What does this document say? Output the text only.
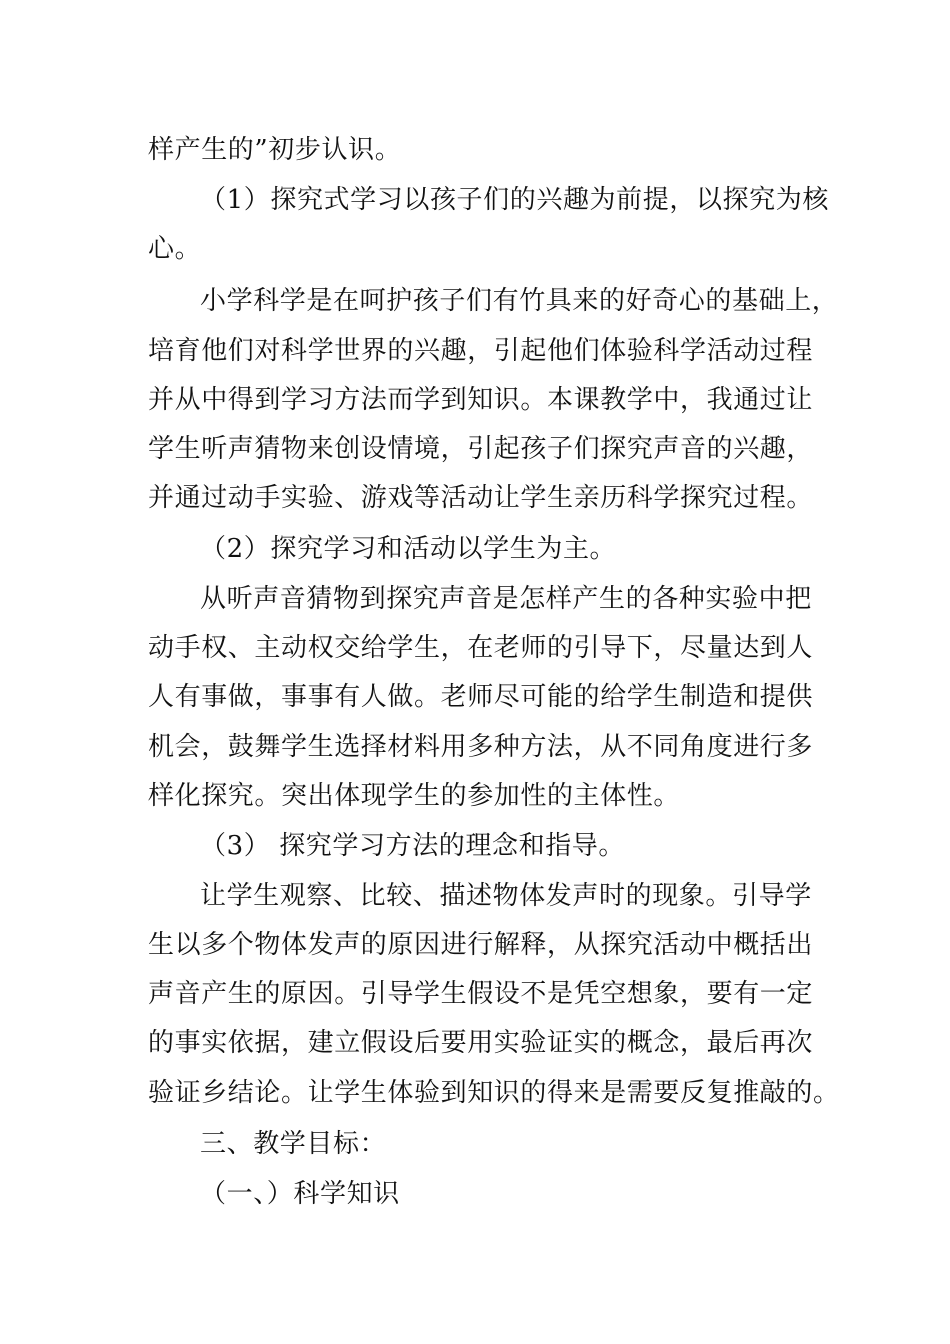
样产生的”初步认识。
（1）探究式学习以孩子们的兴趣为前提，以探究为核
心。
小学科学是在呵护孩子们有竹具来的好奇心的基础上，
培育他们对科学世界的兴趣，引起他们体验科学活动过程
并从中得到学习方法而学到知识。本课教学中，我通过让
学生听声猜物来创设情境，引起孩子们探究声音的兴趣，
并通过动手实验、游戏等活动让学生亲历科学探究过程。
（2）探究学习和活动以学生为主。
从听声音猜物到探究声音是怎样产生的各种实验中把
动手权、主动权交给学生，在老师的引导下，尽量达到人
人有事做，事事有人做。老师尽可能的给学生制造和提供
机会，鼓舞学生选择材料用多种方法，从不同角度进行多
样化探究。突出体现学生的参加性的主体性。
（3） 探究学习方法的理念和指导。
让学生观察、比较、描述物体发声时的现象。引导学
生以多个物体发声的原因进行解释，从探究活动中概括出
声音产生的原因。引导学生假设不是凭空想象，要有一定
的事实依据，建立假设后要用实验证实的概念，最后再次
验证乡结论。让学生体验到知识的得来是需要反复推敲的。
三、教学目标：
（一、）科学知识
